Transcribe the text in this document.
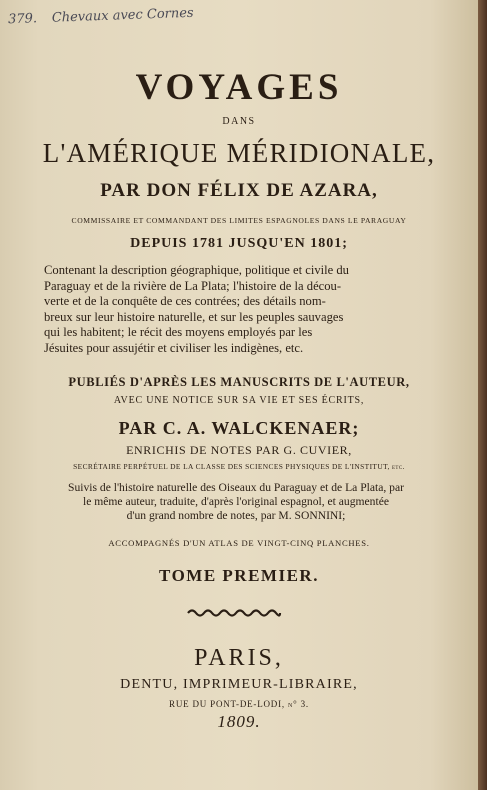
379. Chevaux avec Cornes
VOYAGES
DANS
L'AMÉRIQUE MÉRIDIONALE,
PAR DON FÉLIX DE AZARA,
COMMISSAIRE ET COMMANDANT DES LIMITES ESPAGNOLES DANS LE PARAGUAY
DEPUIS 1781 JUSQU'EN 1801;
Contenant la description géographique, politique et civile du
Paraguay et de la rivière de La Plata; l'histoire de la décou-
verte et de la conquête de ces contrées; des détails nom-
breux sur leur histoire naturelle, et sur les peuples sauvages
qui les habitent; le récit des moyens employés par les
Jésuites pour assujétir et civiliser les indigènes, etc.
PUBLIÉS D'APRÈS LES MANUSCRITS DE L'AUTEUR,
AVEC UNE NOTICE SUR SA VIE ET SES ÉCRITS,
PAR C. A. WALCKENAER;
ENRICHIS DE NOTES PAR G. CUVIER,
SECRÉTAIRE PERPÉTUEL DE LA CLASSE DES SCIENCES PHYSIQUES DE L'INSTITUT, etc.
Suivis de l'histoire naturelle des Oiseaux du Paraguay et de La Plata, par
le même auteur, traduite, d'après l'original espagnol, et augmentée
d'un grand nombre de notes, par M. SONNINI;
ACCOMPAGNÉS D'UN ATLAS DE VINGT-CINQ PLANCHES.
TOME PREMIER.
PARIS,
DENTU, IMPRIMEUR-LIBRAIRE,
RUE DU PONT-DE-LODI, n° 3.
1809.
